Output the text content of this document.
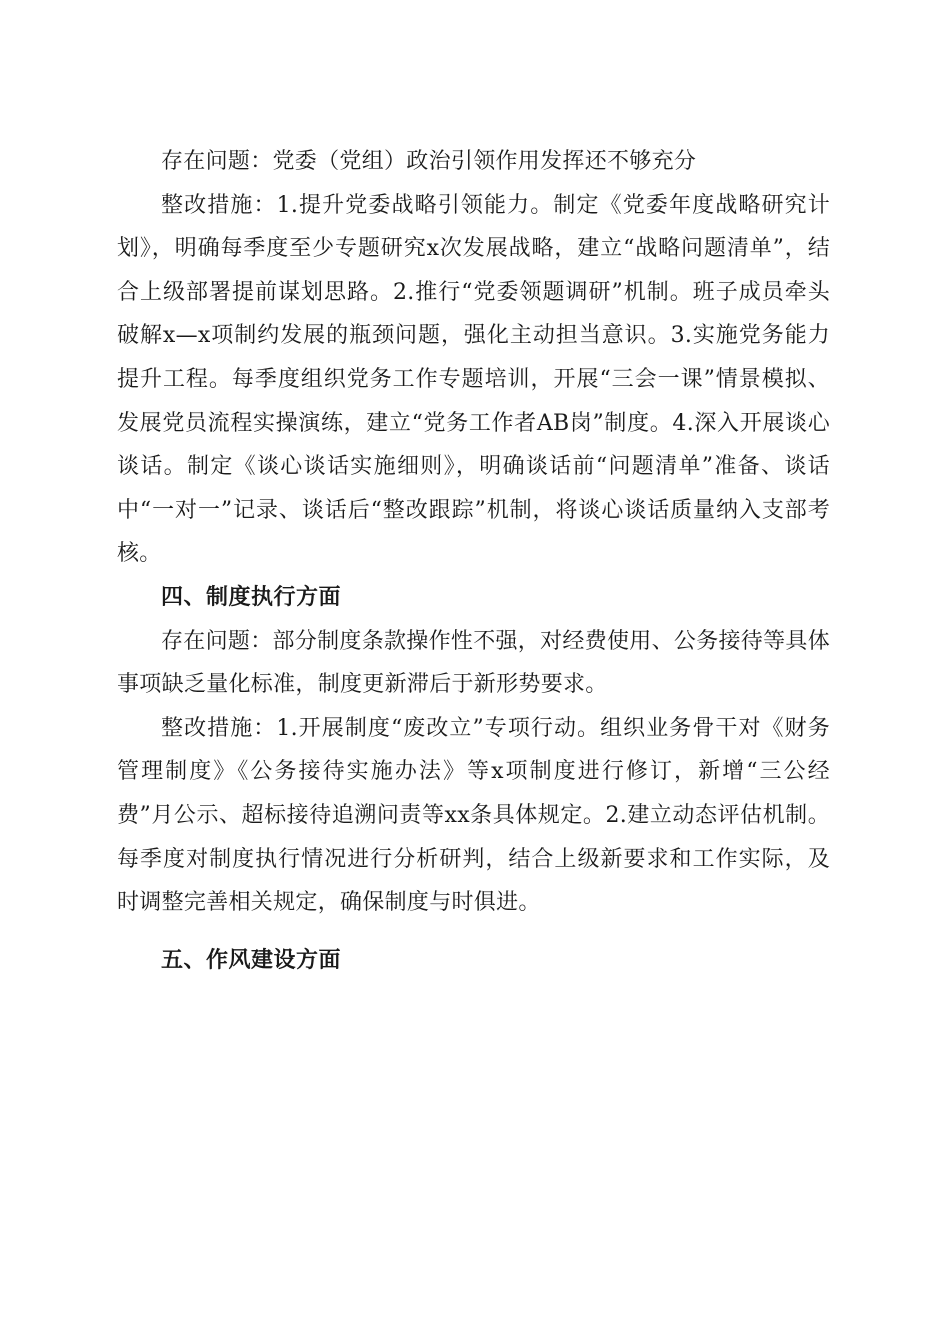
存在问题：党委（党组）政治引领作用发挥还不够充分

整改措施：1.提升党委战略引领能力。制定《党委年度战略研究计划》，明确每季度至少专题研究x次发展战略，建立“战略问题清单”，结合上级部署提前谋划思路。2.推行“党委领题调研”机制。班子成员牵头破解x—x项制约发展的瓶颈问题，强化主动担当意识。3.实施党务能力提升工程。每季度组织党务工作专题培训，开展“三会一课”情景模拟、发展党员流程实操演练，建立“党务工作者AB岗”制度。4.深入开展谈心谈话。制定《谈心谈话实施细则》，明确谈话前“问题清单”准备、谈话中“一对一”记录、谈话后“整改跟踪”机制，将谈心谈话质量纳入支部考核。

四、制度执行方面

存在问题：部分制度条款操作性不强，对经费使用、公务接待等具体事项缺乏量化标准，制度更新滞后于新形势要求。

整改措施：1.开展制度“废改立”专项行动。组织业务骨干对《财务管理制度》《公务接待实施办法》等x项制度进行修订，新增“三公经费”月公示、超标接待追溯问责等xx条具体规定。2.建立动态评估机制。每季度对制度执行情况进行分析研判，结合上级新要求和工作实际，及时调整完善相关规定，确保制度与时俱进。

五、作风建设方面
